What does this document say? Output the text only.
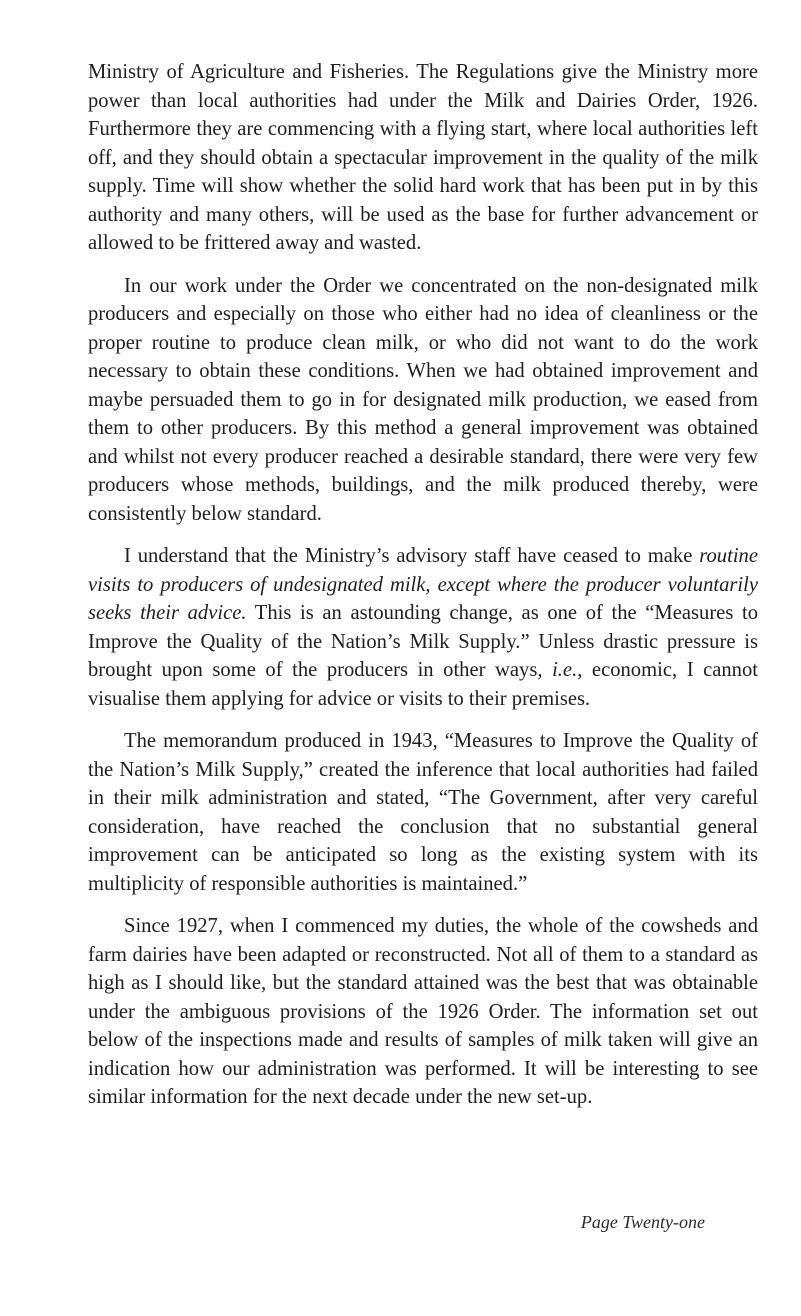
Ministry of Agriculture and Fisheries. The Regulations give the Ministry more power than local authorities had under the Milk and Dairies Order, 1926. Furthermore they are commencing with a flying start, where local authorities left off, and they should obtain a spectacular improvement in the quality of the milk supply. Time will show whether the solid hard work that has been put in by this authority and many others, will be used as the base for further advancement or allowed to be frittered away and wasted.

In our work under the Order we concentrated on the non-designated milk producers and especially on those who either had no idea of cleanliness or the proper routine to produce clean milk, or who did not want to do the work necessary to obtain these conditions. When we had obtained improvement and maybe persuaded them to go in for designated milk production, we eased from them to other producers. By this method a general improvement was obtained and whilst not every producer reached a desirable standard, there were very few producers whose methods, buildings, and the milk produced thereby, were consistently below standard.

I understand that the Ministry’s advisory staff have ceased to make routine visits to producers of undesignated milk, except where the producer voluntarily seeks their advice. This is an astounding change, as one of the “Measures to Improve the Quality of the Nation’s Milk Supply.” Unless drastic pressure is brought upon some of the producers in other ways, i.e., economic, I cannot visualise them applying for advice or visits to their premises.

The memorandum produced in 1943, “Measures to Improve the Quality of the Nation’s Milk Supply,” created the inference that local authorities had failed in their milk administration and stated, “The Government, after very careful consideration, have reached the conclusion that no substantial general improvement can be anticipated so long as the existing system with its multiplicity of responsible authorities is maintained.”

Since 1927, when I commenced my duties, the whole of the cowsheds and farm dairies have been adapted or reconstructed. Not all of them to a standard as high as I should like, but the standard attained was the best that was obtainable under the ambiguous provisions of the 1926 Order. The information set out below of the inspections made and results of samples of milk taken will give an indication how our administration was performed. It will be interesting to see similar information for the next decade under the new set-up.

Page Twenty-one
